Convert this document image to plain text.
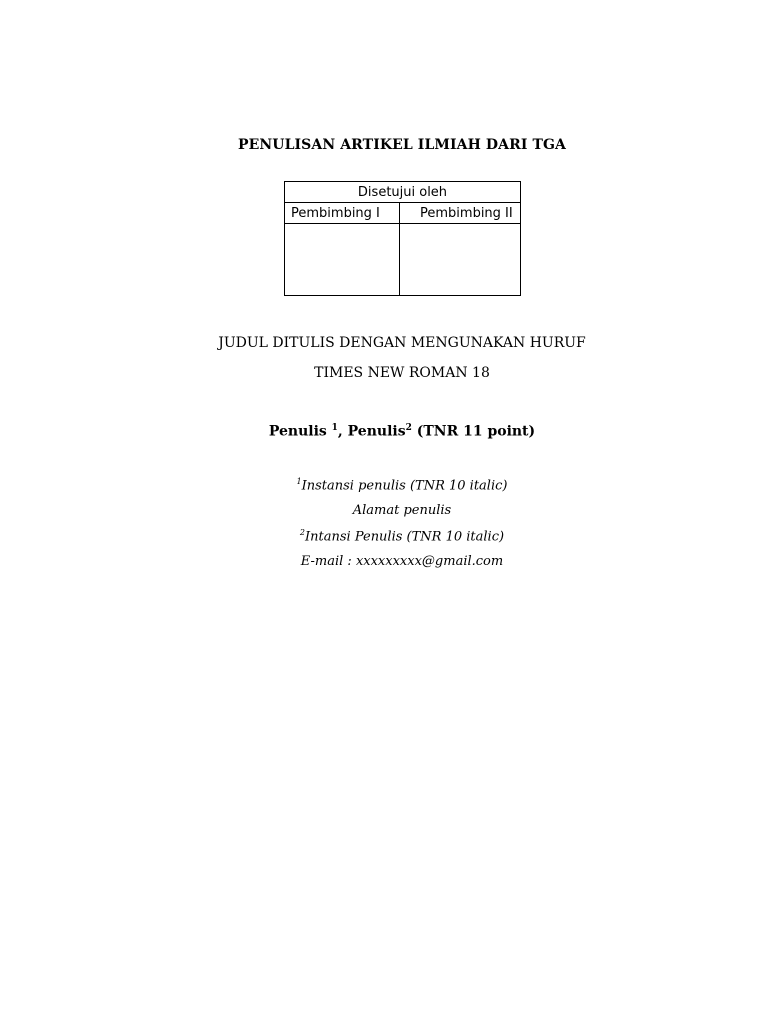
PENULISAN ARTIKEL ILMIAH DARI TGA
Disetujui oleh	
Pembimbing I	Pembimbing II

JUDUL DITULIS DENGAN MENGUNAKAN HURUF
TIMES NEW ROMAN 18
Penulis $^1$, Penulis$^2$ (TNR 11 point)
$^1$Instansi penulis (TNR 10 italic)
Alamat penulis
$^2$Intansi Penulis (TNR 10 italic)
E-mail : xxxxxxxxx@gmail.com
